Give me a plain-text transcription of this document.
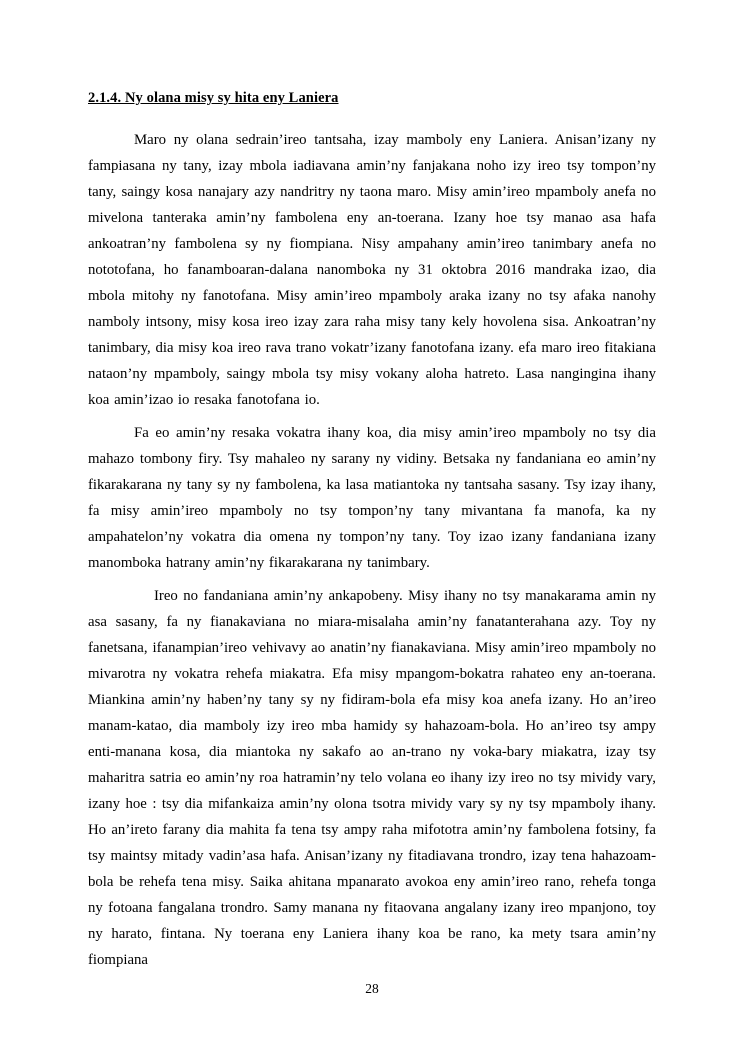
2.1.4. Ny olana misy sy hita eny Laniera

Maro ny olana sedrain’ireo tantsaha, izay mamboly eny Laniera. Anisan’izany ny fampiasana ny tany, izay mbola iadiavana amin’ny fanjakana noho izy ireo tsy tompon’ny tany, saingy kosa nanajary azy nandritry ny taona maro. Misy amin’ireo mpamboly anefa no mivelona tanteraka amin’ny fambolena eny an-toerana. Izany hoe tsy manao asa hafa ankoatran’ny fambolena sy ny fiompiana. Nisy ampahany amin’ireo tanimbary anefa no nototofana, ho fanamboaran-dalana nanomboka ny 31 oktobra 2016 mandraka izao, dia mbola mitohy ny fanotofana. Misy amin’ireo mpamboly araka izany no tsy afaka nanohy namboly intsony, misy kosa ireo izay zara raha misy tany kely hovolena sisa. Ankoatran’ny tanimbary, dia misy koa ireo rava trano vokatr’izany fanotofana izany. efa maro ireo fitakiana nataon’ny mpamboly, saingy mbola tsy misy vokany aloha hatreto. Lasa nangingina ihany koa amin’izao io resaka fanotofana io.

Fa eo amin’ny resaka vokatra ihany koa, dia misy amin’ireo mpamboly no tsy dia mahazo tombony firy. Tsy mahaleo ny sarany ny vidiny. Betsaka ny fandaniana eo amin’ny fikarakarana ny tany sy ny fambolena, ka lasa matiantoka ny tantsaha sasany. Tsy izay ihany, fa misy amin’ireo mpamboly no tsy tompon’ny tany mivantana fa manofa, ka ny ampahatelon’ny vokatra dia omena ny tompon’ny tany. Toy izao izany fandaniana izany manomboka hatrany amin’ny fikarakarana ny tanimbary.

Ireo no fandaniana amin’ny ankapobeny. Misy ihany no tsy manakarama amin ny asa sasany, fa ny fianakaviana no miara-misalaha amin’ny fanatanterahana azy. Toy ny fanetsana, ifanampian’ireo vehivavy ao anatin’ny fianakaviana. Misy amin’ireo mpamboly no mivarotra ny vokatra rehefa miakatra. Efa misy mpangom-bokatra rahateo eny an-toerana. Miankina amin’ny haben’ny tany sy ny fidiram-bola efa misy koa anefa izany. Ho an’ireo manam-katao, dia mamboly izy ireo mba hamidy sy hahazoam-bola. Ho an’ireo tsy ampy enti-manana kosa, dia miantoka ny sakafo ao an-trano ny voka-bary miakatra, izay tsy maharitra satria eo amin’ny roa hatramin’ny telo volana eo ihany izy ireo no tsy mividy vary, izany hoe : tsy dia mifankaiza amin’ny olona tsotra mividy vary sy ny tsy mpamboly ihany. Ho an’ireto farany dia mahita fa tena tsy ampy raha mifototra amin’ny fambolena fotsiny, fa tsy maintsy mitady vadin’asa hafa. Anisan’izany ny fitadiavana trondro, izay tena hahazoam-bola be rehefa tena misy. Saika ahitana mpanarato avokoa eny amin’ireo rano, rehefa tonga ny fotoana fangalana trondro. Samy manana ny fitaovana angalany izany ireo mpanjono, toy ny harato, fintana. Ny toerana eny Laniera ihany koa be rano, ka mety tsara amin’ny fiompiana

28
